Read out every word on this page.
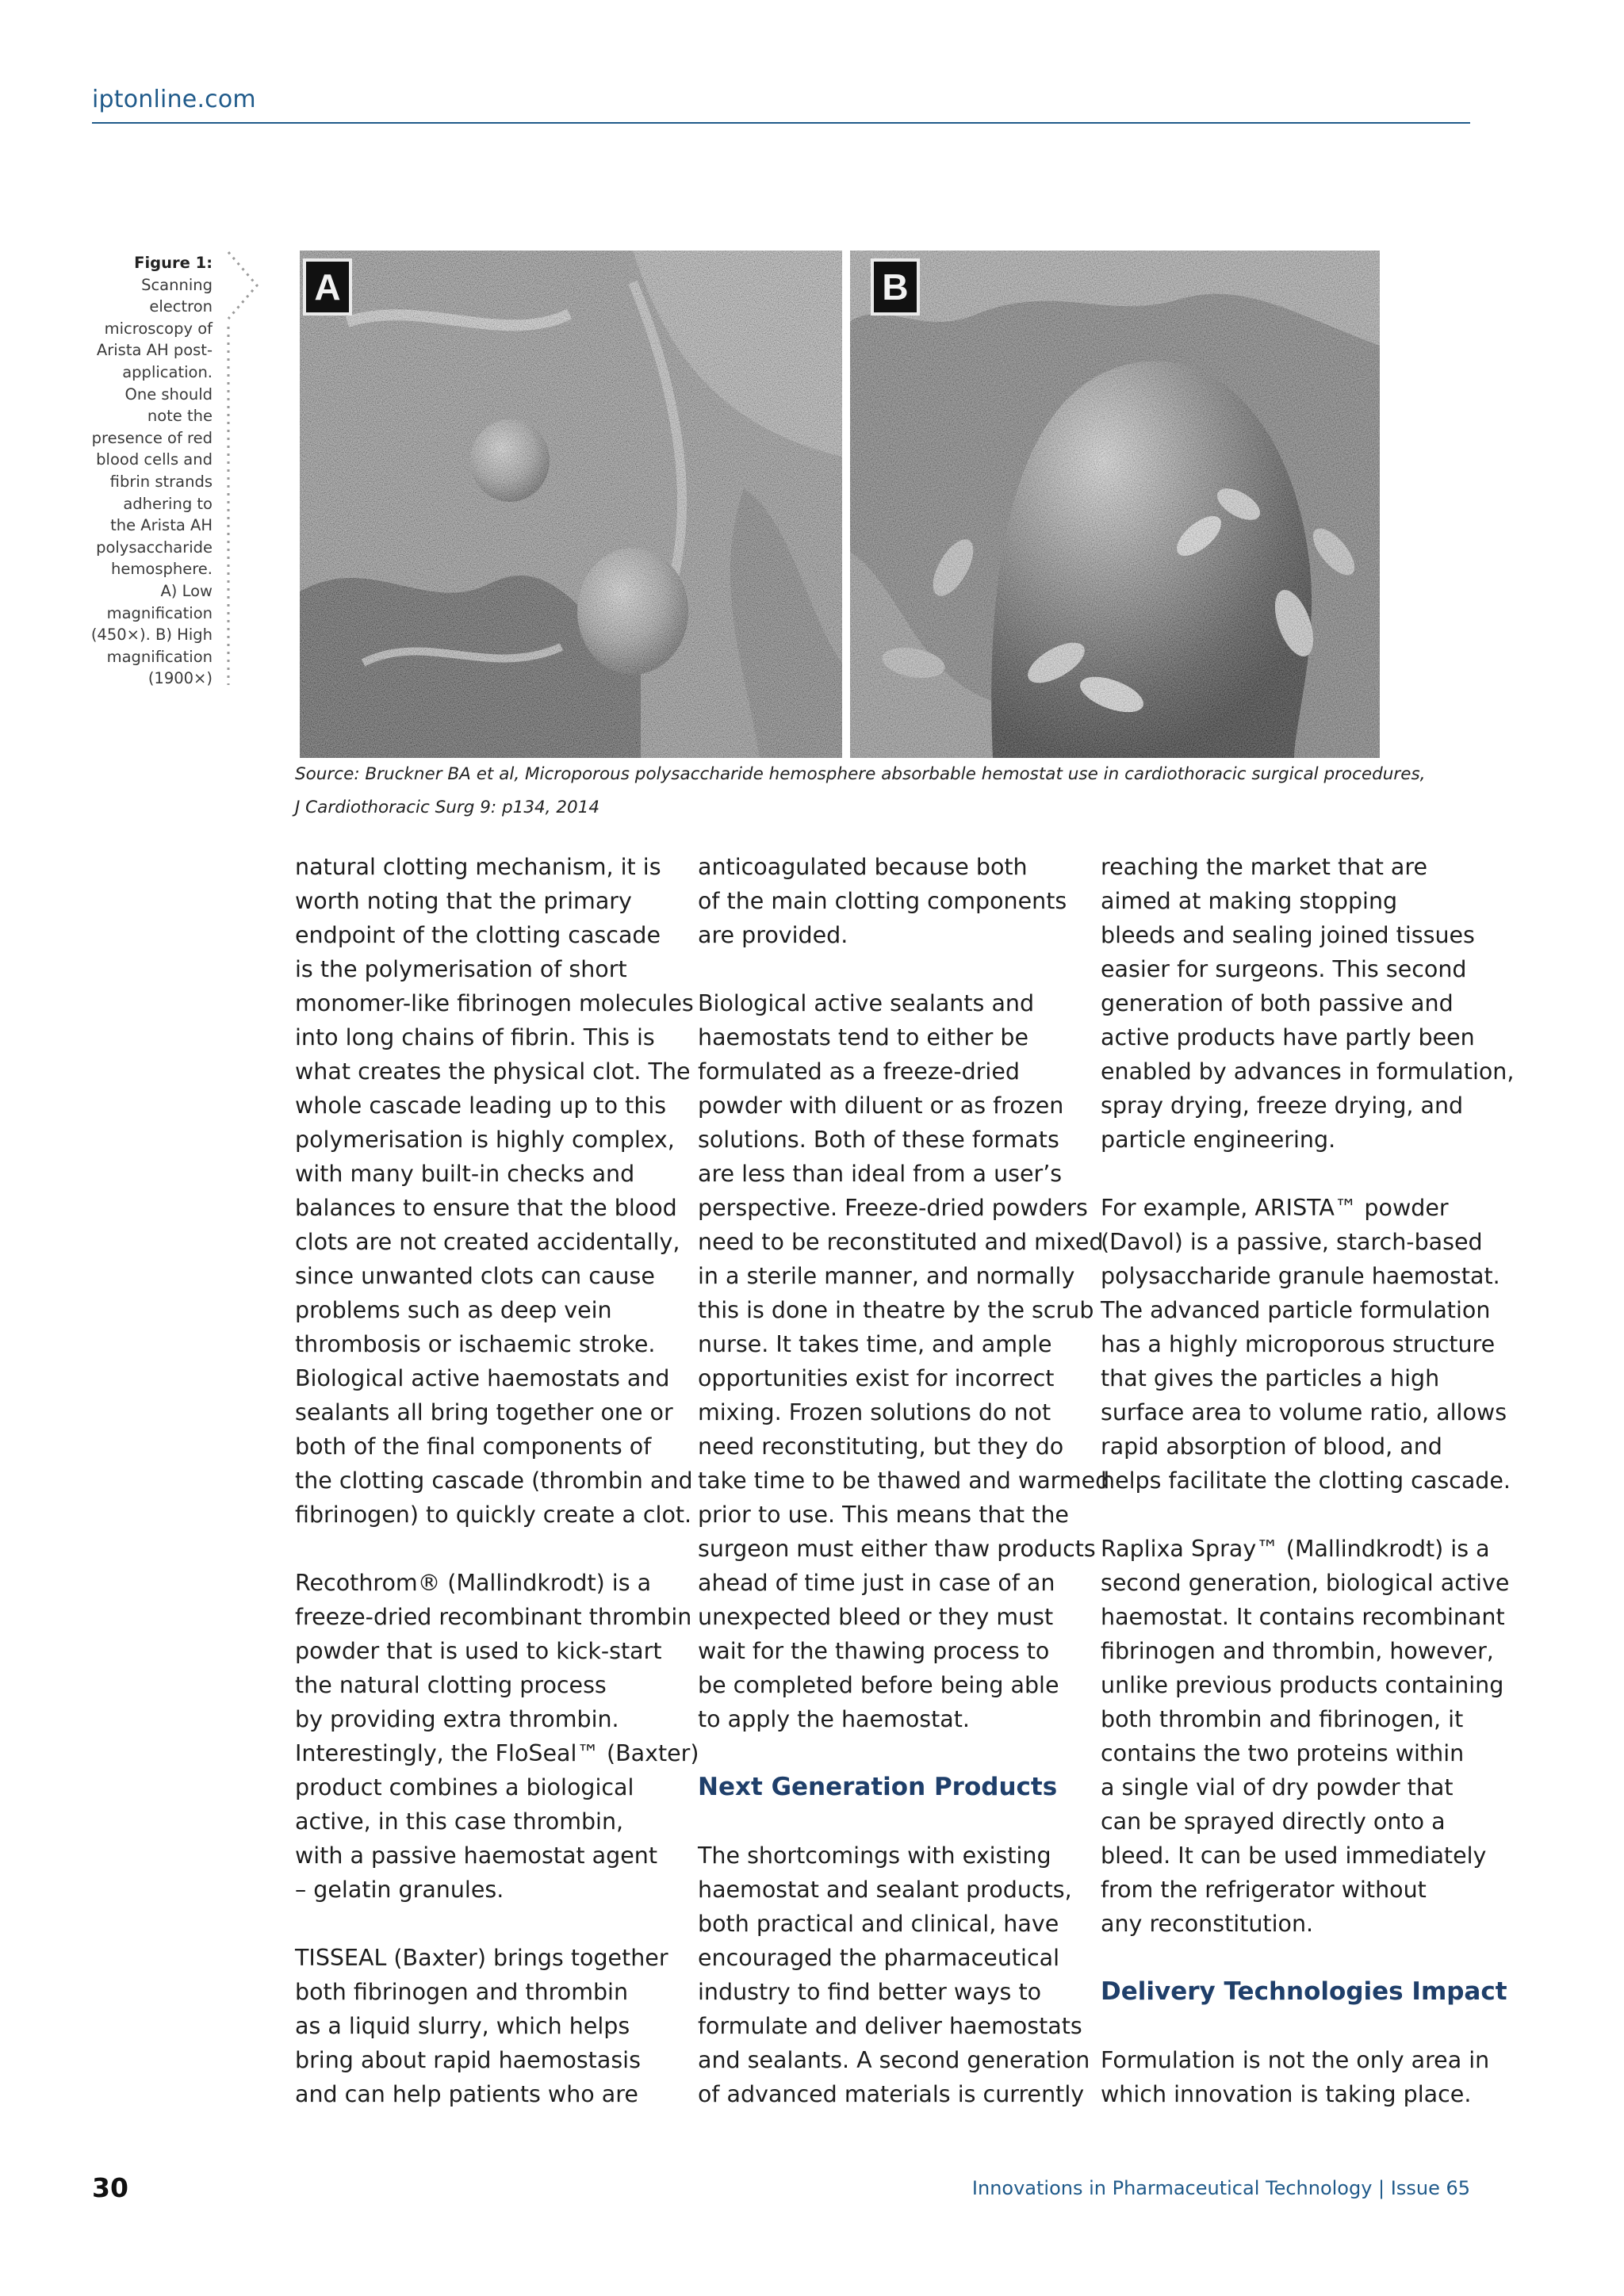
iptonline.com
Figure 1:
Scanning
electron
microscopy of
Arista AH post-
application.
One should
note the
presence of red
blood cells and
fibrin strands
adhering to
the Arista AH
polysaccharide
hemosphere.
A) Low
magnification
(450×). B) High
magnification
(1900×)
A	B
Source: Bruckner BA et al, Microporous polysaccharide hemosphere absorbable hemostat use in cardiothoracic surgical procedures,
J Cardiothoracic Surg 9: p134, 2014
natural clotting mechanism, it is
worth noting that the primary
endpoint of the clotting cascade
is the polymerisation of short
monomer-like fibrinogen molecules
into long chains of fibrin. This is
what creates the physical clot. The
whole cascade leading up to this
polymerisation is highly complex,
with many built-in checks and
balances to ensure that the blood
clots are not created accidentally,
since unwanted clots can cause
problems such as deep vein
thrombosis or ischaemic stroke.
Biological active haemostats and
sealants all bring together one or
both of the final components of
the clotting cascade (thrombin and
fibrinogen) to quickly create a clot.
Recothrom® (Mallindkrodt) is a
freeze-dried recombinant thrombin
powder that is used to kick-start
the natural clotting process
by providing extra thrombin.
Interestingly, the FloSeal™ (Baxter)
product combines a biological
active, in this case thrombin,
with a passive haemostat agent
– gelatin granules.
TISSEAL (Baxter) brings together
both fibrinogen and thrombin
as a liquid slurry, which helps
bring about rapid haemostasis
and can help patients who are
anticoagulated because both
of the main clotting components
are provided.
Biological active sealants and
haemostats tend to either be
formulated as a freeze-dried
powder with diluent or as frozen
solutions. Both of these formats
are less than ideal from a user’s
perspective. Freeze-dried powders
need to be reconstituted and mixed
in a sterile manner, and normally
this is done in theatre by the scrub
nurse. It takes time, and ample
opportunities exist for incorrect
mixing. Frozen solutions do not
need reconstituting, but they do
take time to be thawed and warmed
prior to use. This means that the
surgeon must either thaw products
ahead of time just in case of an
unexpected bleed or they must
wait for the thawing process to
be completed before being able
to apply the haemostat.
Next Generation Products
The shortcomings with existing
haemostat and sealant products,
both practical and clinical, have
encouraged the pharmaceutical
industry to find better ways to
formulate and deliver haemostats
and sealants. A second generation
of advanced materials is currently
reaching the market that are
aimed at making stopping
bleeds and sealing joined tissues
easier for surgeons. This second
generation of both passive and
active products have partly been
enabled by advances in formulation,
spray drying, freeze drying, and
particle engineering.
For example, ARISTA™ powder
(Davol) is a passive, starch-based
polysaccharide granule haemostat.
The advanced particle formulation
has a highly microporous structure
that gives the particles a high
surface area to volume ratio, allows
rapid absorption of blood, and
helps facilitate the clotting cascade.
Raplixa Spray™ (Mallindkrodt) is a
second generation, biological active
haemostat. It contains recombinant
fibrinogen and thrombin, however,
unlike previous products containing
both thrombin and fibrinogen, it
contains the two proteins within
a single vial of dry powder that
can be sprayed directly onto a
bleed. It can be used immediately
from the refrigerator without
any reconstitution.
Delivery Technologies Impact
Formulation is not the only area in
which innovation is taking place.
30	Innovations in Pharmaceutical Technology | Issue 65
